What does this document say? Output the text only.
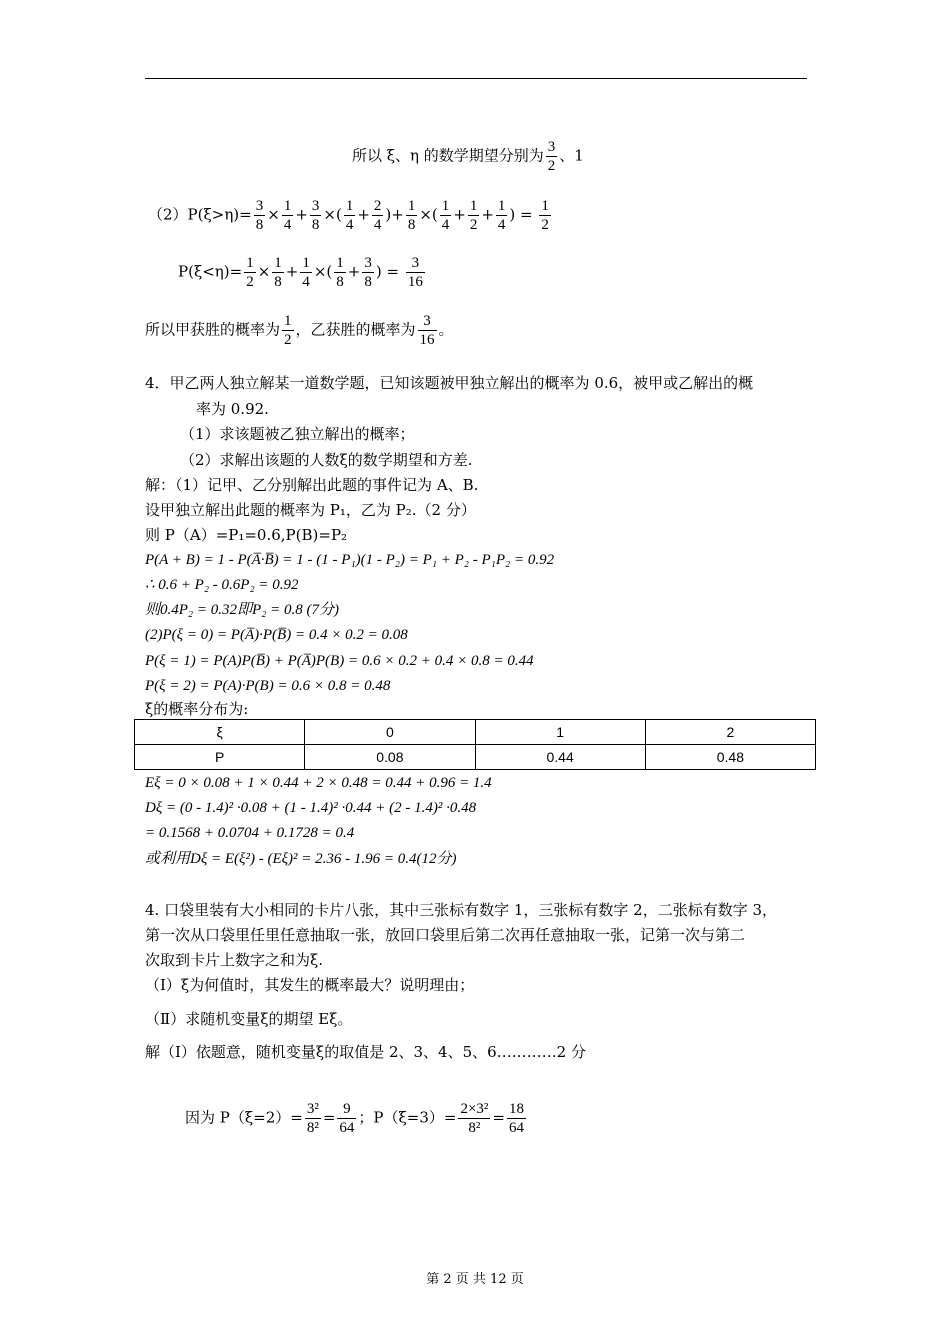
所以 ξ、η 的数学期望分别为 $\frac{3}{2}$ 、1
$(2)P(\xi>\eta)= \frac{3}{8} \times \frac{1}{4} + \frac{3}{8}$ ×( $\frac{1}{4} + \frac{2}{4}$ )+ $\frac{1}{8}$ ×( $\frac{1}{4} + \frac{1}{2} + \frac{1}{4}$ ) = $\frac{1}{2}$
$P(\xi<\eta)= \frac{1}{2} \times \frac{1}{8} + \frac{1}{4}$ ×( $\frac{1}{8} + \frac{3}{8}$ ) = $\frac{3}{16}$
所以甲获胜的概率为 $\frac{1}{2}$ ，乙获胜的概率为 $\frac{3}{16}$ 。
4．甲乙两人独立解某一道数学题，已知该题被甲独立解出的概率为 0.6，被甲或乙解出的概
率为 0.92.
（1）求该题被乙独立解出的概率；
（2）求解出该题的人数ξ的数学期望和方差.
解：（1）记甲、乙分别解出此题的事件记为 A、B.
设甲独立解出此题的概率为 P₁，乙为 P₂.（2 分）
则 P（A）=P₁=0.6,P(B)=P₂
P(A + B) = 1 - P(A̅·B̅) = 1 - (1 - P₁)(1 - P₂) = P₁ + P₂ - P₁P₂ = 0.92
∴ 0.6 + P₂ - 0.6P₂ = 0.92
则0.4P₂ = 0.32即P₂ = 0.8 (7分)
(2)P(ξ = 0) = P(A̅)·P(B̅) = 0.4 × 0.2 = 0.08
P(ξ = 1) = P(A)P(B̅) + P(A̅)P(B) = 0.6 × 0.2 + 0.4 × 0.8 = 0.44
P(ξ = 2) = P(A)·P(B) = 0.6 × 0.8 = 0.48
ξ的概率分布为:
ξ	0	1	2
P	0.08	0.44	0.48
Eξ = 0 × 0.08 + 1 × 0.44 + 2 × 0.48 = 0.44 + 0.96 = 1.4
Dξ = (0 - 1.4)² ·0.08 + (1 - 1.4)² ·0.44 + (2 - 1.4)² ·0.48
= 0.1568 + 0.0704 + 0.1728 = 0.4
或利用Dξ = E(ξ²) - (Eξ)² = 2.36 - 1.96 = 0.4(12分)
4. 口袋里装有大小相同的卡片八张，其中三张标有数字 1，三张标有数字 2，二张标有数字 3，
第一次从口袋里任里任意抽取一张，放回口袋里后第二次再任意抽取一张，记第一次与第二
次取到卡片上数字之和为ξ.
（Ⅰ）ξ为何值时，其发生的概率最大？说明理由；
（Ⅱ）求随机变量ξ的期望 Eξ。
解（I）依题意，随机变量ξ的取值是 2、3、4、5、6…………2 分
因为 $P(\xi=2)= \frac{\text{3²}}{\text{8²}} = \frac{9}{64}$ ；$P(\xi=3)= \frac{\text{2×3²}}{\text{8²}} = \frac{18}{64}$
第 2 页 共 12 页
